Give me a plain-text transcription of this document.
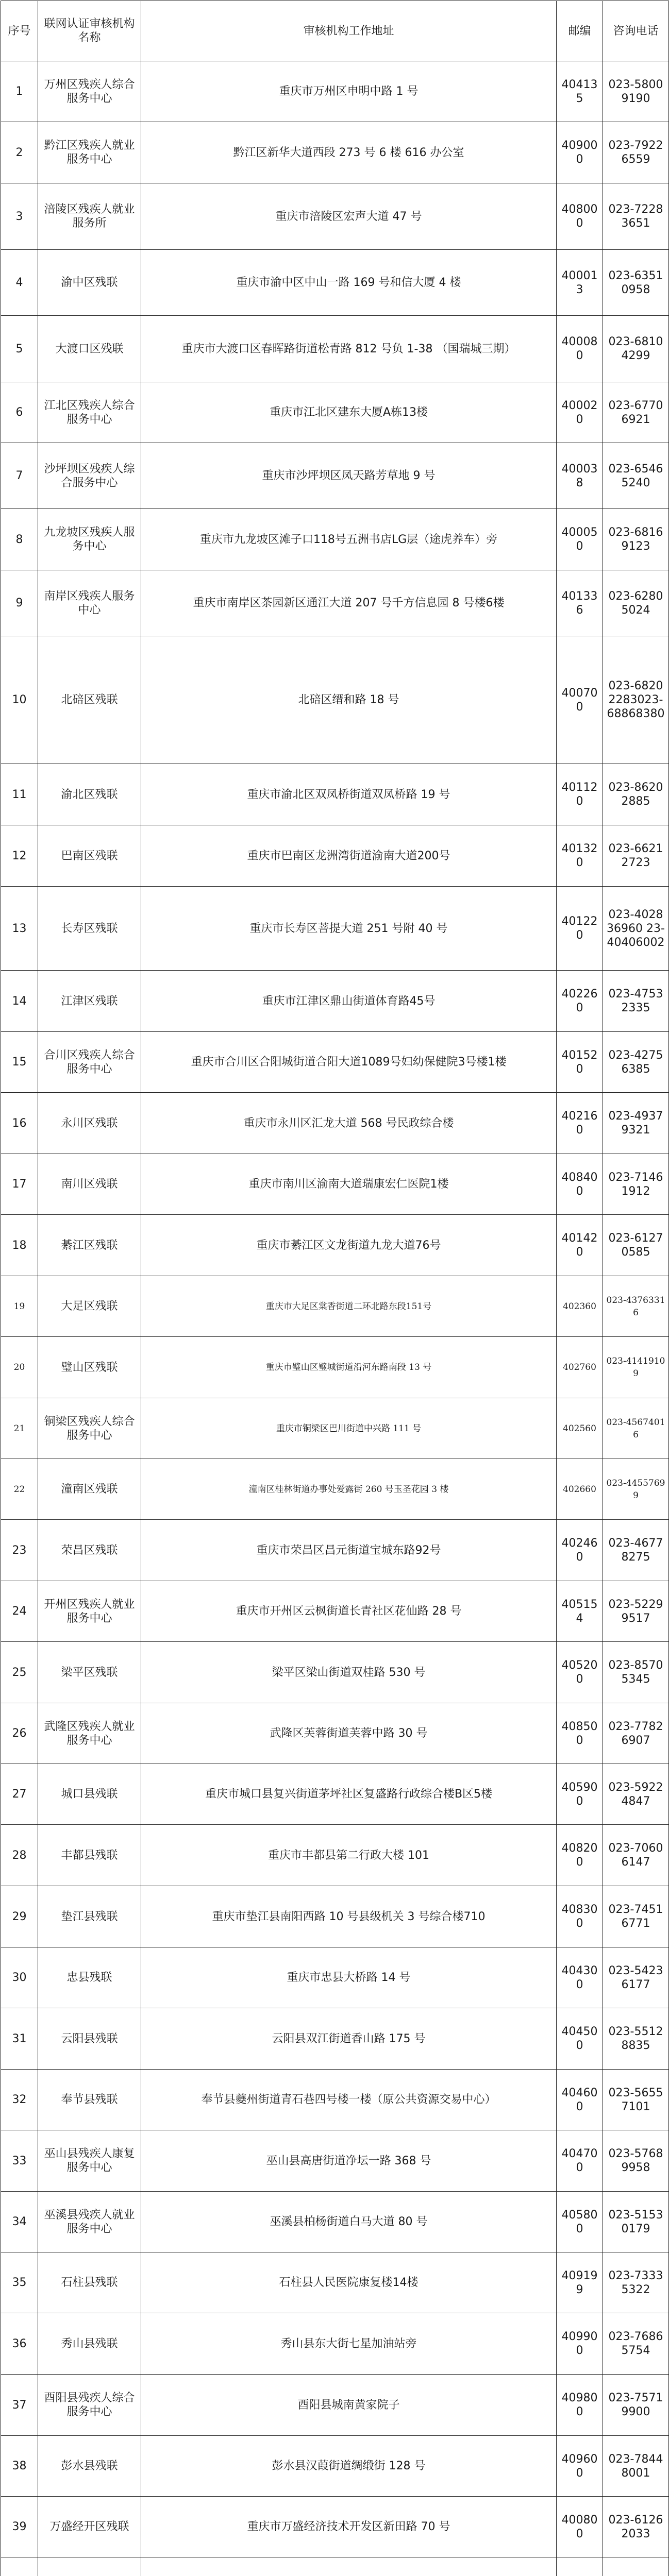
序号	联网认证审核机构名称	审核机构工作地址	邮编	咨询电话
1	万州区残疾人综合服务中心	重庆市万州区申明中路 1 号	404135	023-58009190
2	黔江区残疾人就业服务中心	黔江区新华大道西段 273 号 6 楼 616 办公室	409000	023-79226559
3	涪陵区残疾人就业服务所	重庆市涪陵区宏声大道 47 号	408000	023-72283651
4	渝中区残联	重庆市渝中区中山一路 169 号和信大厦 4 楼	400013	023-63510958
5	大渡口区残联	重庆市大渡口区春晖路街道松青路 812 号负 1-38 （国瑞城三期）	400080	023-68104299
6	江北区残疾人综合服务中心	重庆市江北区建东大厦A栋13楼	400020	023-67706921
7	沙坪坝区残疾人综合服务中心	重庆市沙坪坝区凤天路芳草地 9 号	400038	023-65465240
8	九龙坡区残疾人服务中心	重庆市九龙坡区滩子口118号五洲书店LG层（途虎养车）旁	400050	023-68169123
9	南岸区残疾人服务中心	重庆市南岸区茶园新区通江大道 207 号千方信息园 8 号楼6楼	401336	023-62805024
10	北碚区残联	北碚区缙和路 18 号	400700	023-68202283023-68868380
11	渝北区残联	重庆市渝北区双凤桥街道双凤桥路 19 号	401120	023-86202885
12	巴南区残联	重庆市巴南区龙洲湾街道渝南大道200号	401320	023-66212723
13	长寿区残联	重庆市长寿区菩提大道 251 号附 40 号	401220	023-402836960 23-40406002
14	江津区残联	重庆市江津区鼎山街道体育路45号	402260	023-47532335
15	合川区残疾人综合服务中心	重庆市合川区合阳城街道合阳大道1089号妇幼保健院3号楼1楼	401520	023-42756385
16	永川区残联	重庆市永川区汇龙大道 568 号民政综合楼	402160	023-49379321
17	南川区残联	重庆市南川区渝南大道瑞康宏仁医院1楼	408400	023-71461912
18	綦江区残联	重庆市綦江区文龙街道九龙大道76号	401420	023-61270585
19	大足区残联	重庆市大足区棠香街道二环北路东段151号	402360	023-43763316
20	璧山区残联	重庆市璧山区璧城街道沿河东路南段 13 号	402760	023-41419109
21	铜梁区残疾人综合服务中心	重庆市铜梁区巴川街道中兴路 111 号	402560	023-45674016
22	潼南区残联	潼南区桂林街道办事处爱露街 260 号玉圣花园 3 楼	402660	023-44557699
23	荣昌区残联	重庆市荣昌区昌元街道宝城东路92号	402460	023-46778275
24	开州区残疾人就业服务中心	重庆市开州区云枫街道长青社区花仙路 28 号	405154	023-52299517
25	梁平区残联	梁平区梁山街道双桂路 530 号	405200	023-85705345
26	武隆区残疾人就业服务中心	武隆区芙蓉街道芙蓉中路 30 号	408500	023-77826907
27	城口县残联	重庆市城口县复兴街道茅坪社区复盛路行政综合楼B区5楼	405900	023-59224847
28	丰都县残联	重庆市丰都县第二行政大楼 101	408200	023-70606147
29	垫江县残联	重庆市垫江县南阳西路 10 号县级机关 3 号综合楼710	408300	023-74516771
30	忠县残联	重庆市忠县大桥路 14 号	404300	023-54236177
31	云阳县残联	云阳县双江街道香山路 175 号	404500	023-55128835
32	奉节县残联	奉节县夔州街道青石巷四号楼一楼（原公共资源交易中心）	404600	023-56557101
33	巫山县残疾人康复服务中心	巫山县高唐街道净坛一路 368 号	404700	023-57689958
34	巫溪县残疾人就业服务中心	巫溪县柏杨街道白马大道 80 号	405800	023-51530179
35	石柱县残联	石柱县人民医院康复楼14楼	409199	023-73335322
36	秀山县残联	秀山县东大街七星加油站旁	409900	023-76865754
37	酉阳县残疾人综合服务中心	酉阳县城南黄家院子	409800	023-75719900
38	彭水县残联	彭水县汉葭街道绸缎街 128 号	409600	023-78448001
39	万盛经开区残联	重庆市万盛经济技术开发区新田路 70 号	400800	023-61262033
